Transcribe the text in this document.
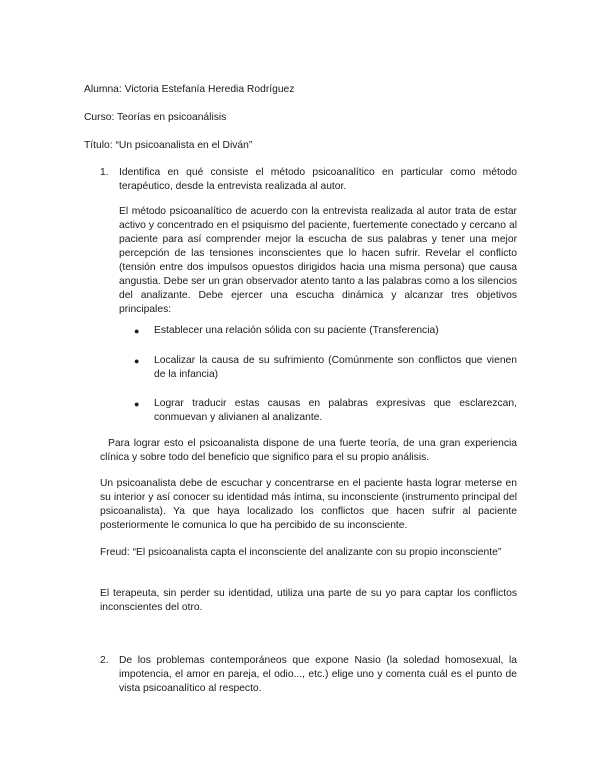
Alumna: Victoria Estefanía Heredia Rodríguez

Curso: Teorías en psicoanálisis

Título: “Un psicoanalista en el Diván”

1. Identifica en qué consiste el método psicoanalítico en particular como método terapéutico, desde la entrevista realizada al autor.

El método psicoanalítico de acuerdo con la entrevista realizada al autor trata de estar activo y concentrado en el psiquismo del paciente, fuertemente conectado y cercano al paciente para así comprender mejor la escucha de sus palabras y tener una mejor percepción de las tensiones inconscientes que lo hacen sufrir. Revelar el conflicto (tensión entre dos impulsos opuestos dirigidos hacia una misma persona) que causa angustia. Debe ser un gran observador atento tanto a las palabras como a los silencios del analizante. Debe ejercer una escucha dinámica y alcanzar tres objetivos principales:

● Establecer una relación sólida con su paciente (Transferencia)

● Localizar la causa de su sufrimiento (Comúnmente son conflictos que vienen de la infancia)

● Lograr traducir estas causas en palabras expresivas que esclarezcan, conmuevan y alivianen al analizante.

Para lograr esto el psicoanalista dispone de una fuerte teoría, de una gran experiencia clínica y sobre todo del beneficio que significo para el su propio análisis.

Un psicoanalista debe de escuchar y concentrarse en el paciente hasta lograr meterse en su interior y así conocer su identidad más íntima, su inconsciente (instrumento principal del psicoanalista). Ya que haya localizado los conflictos que hacen sufrir al paciente posteriormente le comunica lo que ha percibido de su inconsciente.

Freud: “El psicoanalista capta el inconsciente del analizante con su propio inconsciente”

El terapeuta, sin perder su identidad, utiliza una parte de su yo para captar los conflictos inconscientes del otro.

2. De los problemas contemporáneos que expone Nasio (la soledad homosexual, la impotencia, el amor en pareja, el odio..., etc.) elige uno y comenta cuál es el punto de vista psicoanalítico al respecto.
